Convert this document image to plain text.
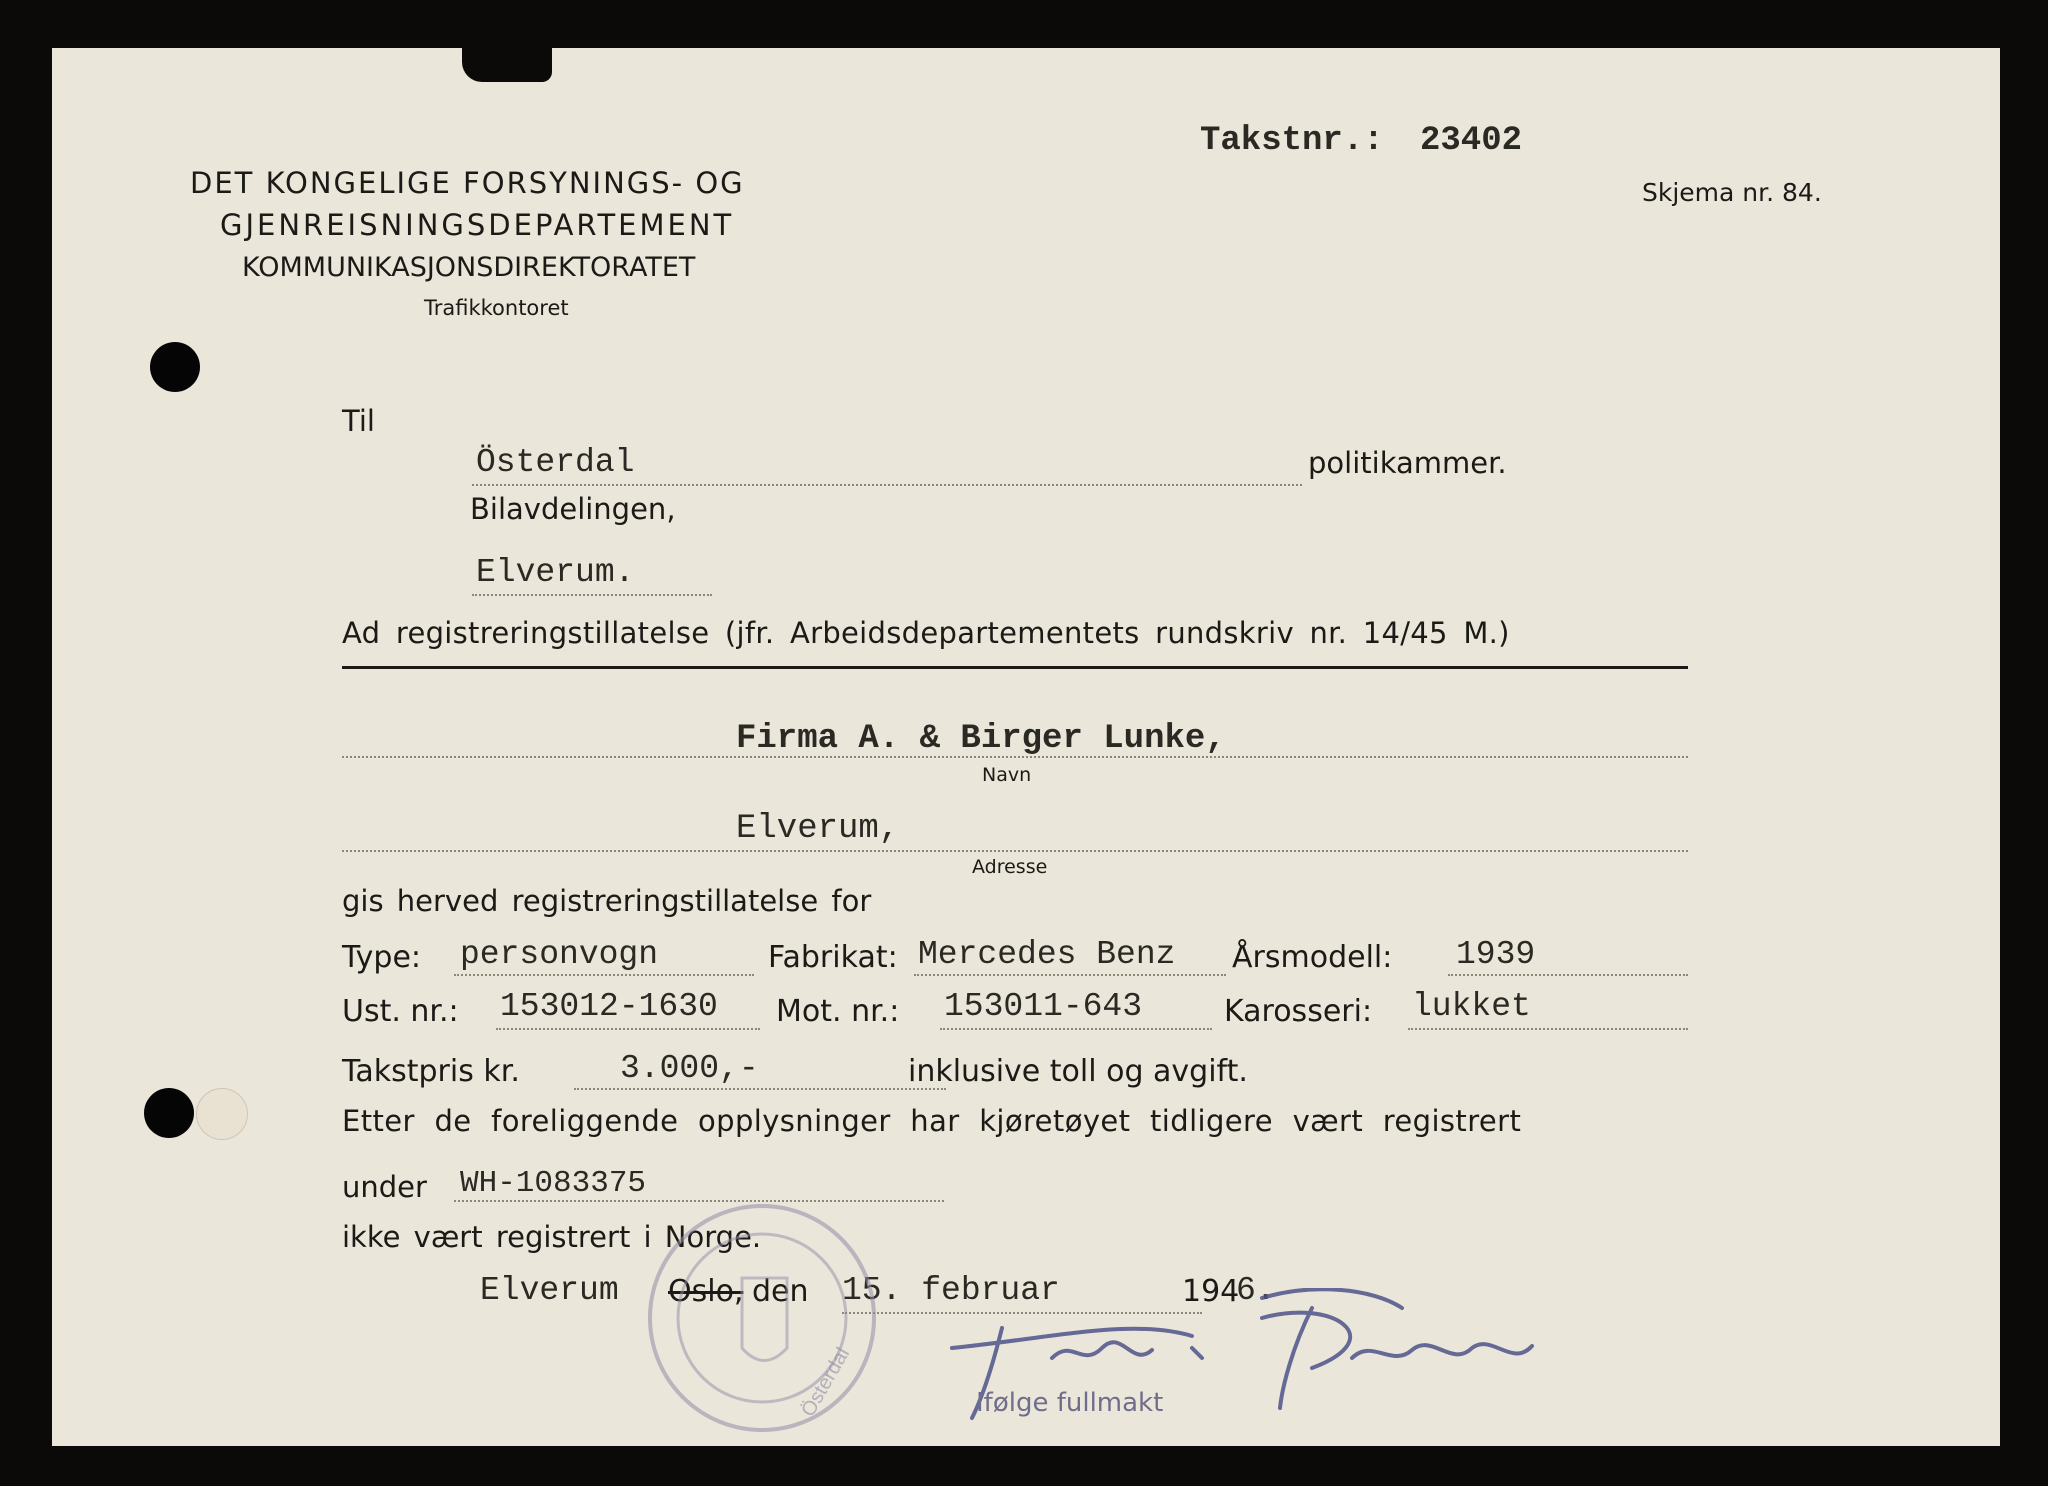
DET KONGELIGE FORSYNINGS- OG
GJENREISNINGSDEPARTEMENT
KOMMUNIKASJONSDIREKTORATET
Trafikkontoret
Takstnr.: 23402
Skjema nr. 84.
Til
Österdal	politikammer.
Bilavdelingen,
Elverum.
Ad registreringstillatelse (jfr. Arbeidsdepartementets rundskriv nr. 14/45 M.)
Firma A. & Birger Lunke,
Navn
Elverum,
Adresse
gis herved registreringstillatelse for
Type: personvogn	Fabrikat: Mercedes Benz Årsmodell: 1939
Ust. nr.: 153012-1630 Mot. nr.: 153011-643	Karosseri: lukket
Takstpris kr.	3.000,-	inklusive toll og avgift.
Etter de foreliggende opplysninger har kjøretøyet tidligere vært registrert
under WH-1083375
ikke vært registrert i Norge.
Elverum Oslo, den 15. februar	194
6.
Österdal	Ifølge fullmakt
